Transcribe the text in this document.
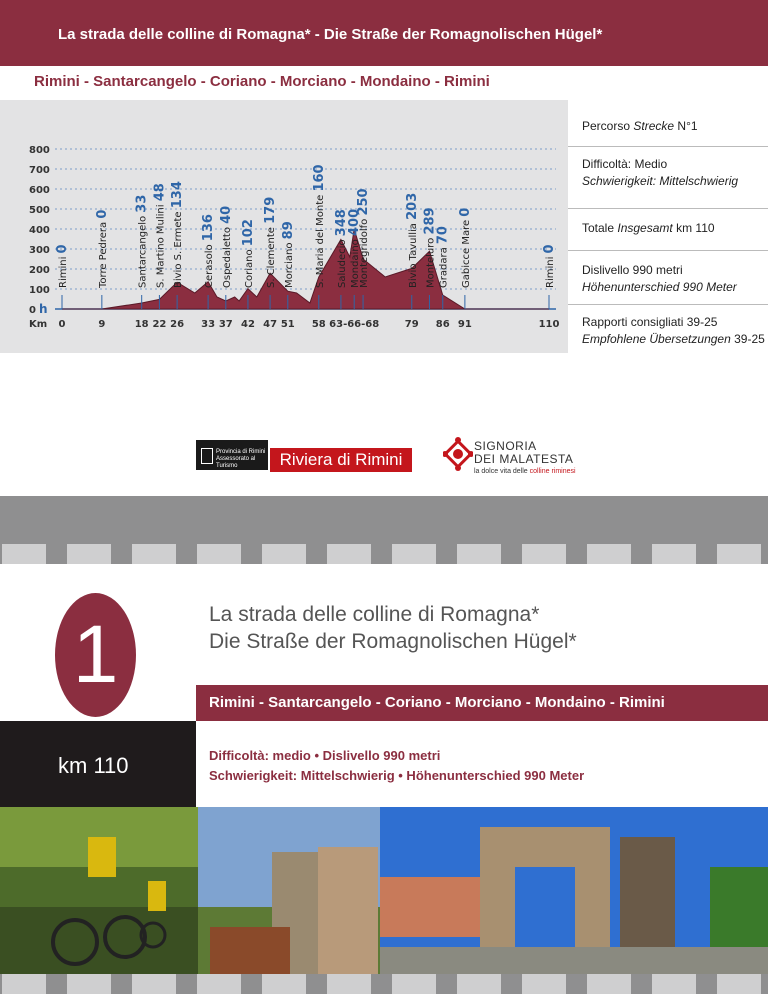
La strada delle colline di Romagna* - Die Straße der Romagnolischen Hügel*
Rimini - Santarcangelo - Coriano - Morciano - Mondaino - Rimini
0
100
200
300
400
500
600
700
800
h
Km 0	9	18 22 26 33 37 42 47 51 58 63-66-68	79 86 91	110
Rimini 0	Torre Pedrera 0	Santarcangelo 33 S. Martino Mulini 48
Bivio S. Ermete 134
Cerasolo 136 Ospedaletto 40
Coriano 102	S. Clemente 179
Morciano 89	S. Maria del Monte 160
Saludecio 348
Mondaino 400
Montegridolfo 250
Bivio Tavullia 203
Monteluro 289
Gradara 70	Gabicce Mare 0
Rimini 0
Percorso Strecke N°1
Difficoltà: Medio
Schwierigkeit: Mittelschwierig
Totale Insgesamt km 110
Dislivello 990 metri
Höhenunterschied 990 Meter
Rapporti consigliati 39-25
Empfohlene Übersetzungen 39-25
Provincia di Rimini
Assessorato al Turismo	Riviera di Rimini
SIGNORIA
DEI MALATESTA
la dolce vita delle colline riminesi
1	La strada delle colline di Romagna*
Die Straße der Romagnolischen Hügel*
Rimini - Santarcangelo - Coriano - Morciano - Mondaino - Rimini
km 110	Difficoltà: medio • Dislivello 990 metri
Schwierigkeit: Mittelschwierig • Höhenunterschied 990 Meter
